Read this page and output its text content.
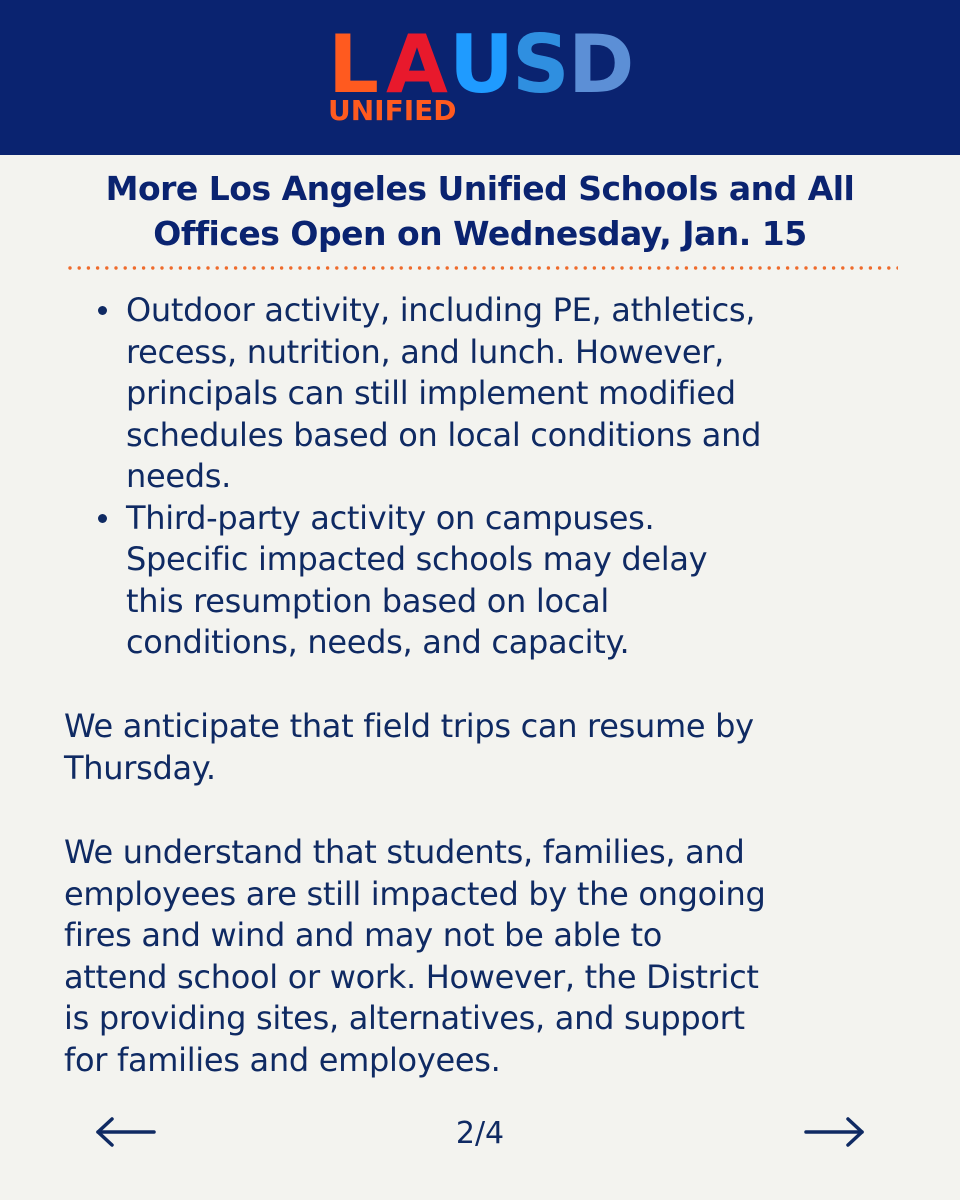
L A U
S
D
UNIFIED
More Los Angeles Unified Schools and All
Offices Open on Wednesday, Jan. 15
Outdoor activity, including PE, athletics,
recess, nutrition, and lunch. However,
principals can still implement modified
schedules based on local conditions and
needs.
Third-party activity on campuses.
Specific impacted schools may delay
this resumption based on local
conditions, needs, and capacity.
We anticipate that field trips can resume by
Thursday.
We understand that students, families, and
employees are still impacted by the ongoing
fires and wind and may not be able to
attend school or work. However, the District
is providing sites, alternatives, and support
for families and employees.
2/4
